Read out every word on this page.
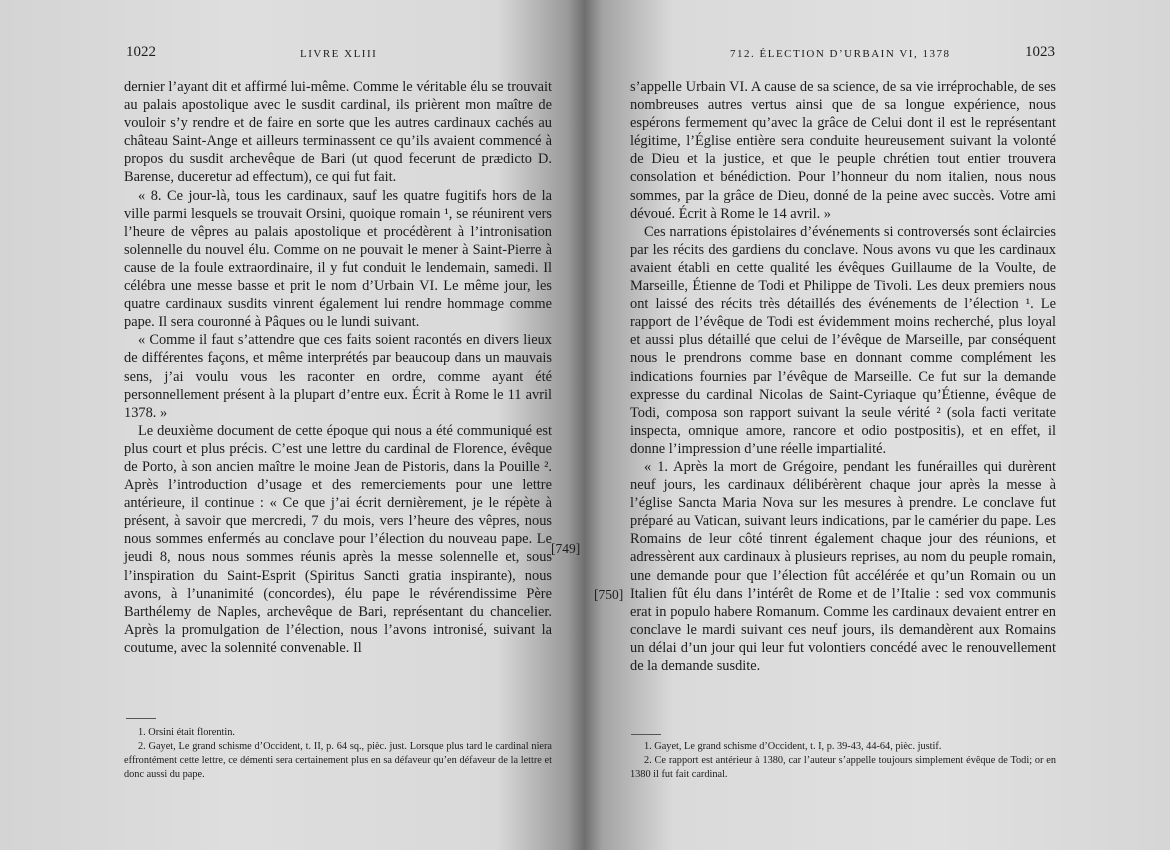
1022	LIVRE XLIII

dernier l’ayant dit et affirmé lui-même. Comme le véritable élu se trouvait au palais apostolique avec le susdit cardinal, ils prièrent mon maître de vouloir s’y rendre et de faire en sorte que les autres cardinaux cachés au château Saint-Ange et ailleurs terminassent ce qu’ils avaient commencé à propos du susdit archevêque de Bari (ut quod fecerunt de prædicto D. Barense, duceretur ad effectum), ce qui fut fait.

« 8. Ce jour-là, tous les cardinaux, sauf les quatre fugitifs hors de la ville parmi lesquels se trouvait Orsini, quoique romain ¹, se réunirent vers l’heure de vêpres au palais apostolique et procédèrent à l’intronisation solennelle du nouvel élu. Comme on ne pouvait le mener à Saint-Pierre à cause de la foule extraordinaire, il y fut conduit le lendemain, samedi. Il célébra une messe basse et prit le nom d’Urbain VI. Le même jour, les quatre cardinaux susdits vinrent également lui rendre hommage comme pape. Il sera couronné à Pâques ou le lundi suivant.

« Comme il faut s’attendre que ces faits soient racontés en divers lieux de différentes façons, et même interprétés par beaucoup dans un mauvais sens, j’ai voulu vous les raconter en ordre, comme ayant été personnellement présent à la plupart d’entre eux. Écrit à Rome le 11 avril 1378. »

Le deuxième document de cette époque qui nous a été communiqué est plus court et plus précis. C’est une lettre du cardinal de Florence, évêque de Porto, à son ancien maître le moine Jean de Pistoris, dans la Pouille ². Après l’introduction d’usage et des remerciements pour une lettre antérieure, il continue : « Ce que j’ai écrit dernièrement, je le répète à présent, à savoir que mercredi, 7 du mois, vers l’heure des vêpres, nous nous sommes enfermés au conclave pour l’élection du nouveau pape. Le jeudi 8, nous nous sommes réunis après la messe solennelle et, sous l’inspiration du Saint-Esprit (Spiritus Sancti gratia inspirante), nous avons, à l’unanimité (concordes), élu pape le révérendissime Père Barthélemy de Naples, archevêque de Bari, représentant du chancelier. Après la promulgation de l’élection, nous l’avons intronisé, suivant la coutume, avec la solennité convenable. Il

1. Orsini était florentin.

2. Gayet, Le grand schisme d’Occident, t. II, p. 64 sq., pièc. just. Lorsque plus tard le cardinal niera effrontément cette lettre, ce démenti sera certainement plus en sa défaveur qu’en défaveur de la lettre et donc aussi du pape.

712. ÉLECTION D’URBAIN VI, 1378	1023
[749]
[750]

s’appelle Urbain VI. A cause de sa science, de sa vie irréprochable, de ses nombreuses autres vertus ainsi que de sa longue expérience, nous espérons fermement qu’avec la grâce de Celui dont il est le représentant légitime, l’Église entière sera conduite heureusement suivant la volonté de Dieu et la justice, et que le peuple chrétien tout entier trouvera consolation et bénédiction. Pour l’honneur du nom italien, nous nous sommes, par la grâce de Dieu, donné de la peine avec succès. Votre ami dévoué. Écrit à Rome le 14 avril. »

Ces narrations épistolaires d’événements si controversés sont éclaircies par les récits des gardiens du conclave. Nous avons vu que les cardinaux avaient établi en cette qualité les évêques Guillaume de la Voulte, de Marseille, Étienne de Todi et Philippe de Tivoli. Les deux premiers nous ont laissé des récits très détaillés des événements de l’élection ¹. Le rapport de l’évêque de Todi est évidemment moins recherché, plus loyal et aussi plus détaillé que celui de l’évêque de Marseille, par conséquent nous le prendrons comme base en donnant comme complément les indications fournies par l’évêque de Marseille. Ce fut sur la demande expresse du cardinal Nicolas de Saint-Cyriaque qu’Étienne, évêque de Todi, composa son rapport suivant la seule vérité ² (sola facti veritate inspecta, omnique amore, rancore et odio postpositis), et en effet, il donne l’impression d’une réelle impartialité.

« 1. Après la mort de Grégoire, pendant les funérailles qui durèrent neuf jours, les cardinaux délibérèrent chaque jour après la messe à l’église Sancta Maria Nova sur les mesures à prendre. Le conclave fut préparé au Vatican, suivant leurs indications, par le camérier du pape. Les Romains de leur côté tinrent également chaque jour des réunions, et adressèrent aux cardinaux à plusieurs reprises, au nom du peuple romain, une demande pour que l’élection fût accélérée et qu’un Romain ou un Italien fût élu dans l’intérêt de Rome et de l’Italie : sed vox communis erat in populo habere Romanum. Comme les cardinaux devaient entrer en conclave le mardi suivant ces neuf jours, ils demandèrent aux Romains un délai d’un jour qui leur fut volontiers concédé avec le renouvellement de la demande susdite.

1. Gayet, Le grand schisme d’Occident, t. I, p. 39-43, 44-64, pièc. justif.

2. Ce rapport est antérieur à 1380, car l’auteur s’appelle toujours simplement évêque de Todi; or en 1380 il fut fait cardinal.
